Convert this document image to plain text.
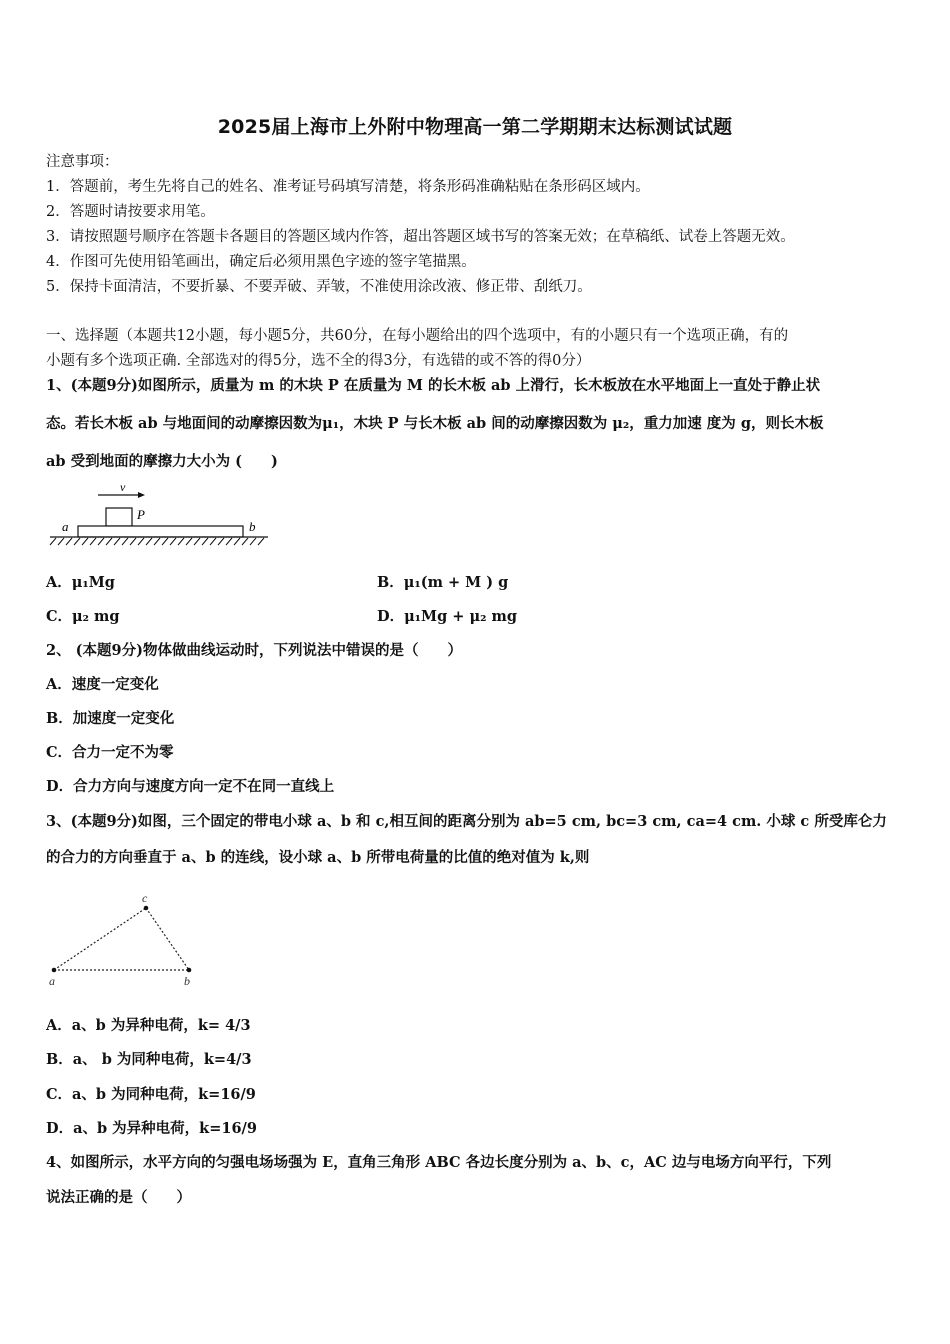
2025届上海市上外附中物理高一第二学期期末达标测试试题
注意事项：
1．答题前，考生先将自己的姓名、准考证号码填写清楚，将条形码准确粘贴在条形码区域内。
2．答题时请按要求用笔。
3．请按照题号顺序在答题卡各题目的答题区域内作答，超出答题区域书写的答案无效；在草稿纸、试卷上答题无效。
4．作图可先使用铅笔画出，确定后必须用黑色字迹的签字笔描黑。
5．保持卡面清洁，不要折暴、不要弄破、弄皱，不准使用涂改液、修正带、刮纸刀。
一、选择题（本题共12小题，每小题5分，共60分，在每小题给出的四个选项中，有的小题只有一个选项正确，有的
小题有多个选项正确. 全部选对的得5分，选不全的得3分，有选错的或不答的得0分）
1、(本题9分)如图所示，质量为 m 的木块 P 在质量为 M 的长木板 ab 上滑行，长木板放在水平地面上一直处于静止状
态。若长木板 ab 与地面间的动摩擦因数为μ₁，木块 P 与长木板 ab 间的动摩擦因数为 μ₂，重力加速 度为 g，则长木板
ab 受到地面的摩擦力大小为 (　　)
v
P
a	b
A．μ₁Mg	B．μ₁(m + M ) g
C．μ₂ mg	D．μ₁Mg + μ₂ mg
2、 (本题9分)物体做曲线运动时，下列说法中错误的是（　　）
A．速度一定变化
B．加速度一定变化
C．合力一定不为零
D．合力方向与速度方向一定不在同一直线上
3、(本题9分)如图，三个固定的带电小球 a、b 和 c,相互间的距离分别为 ab=5 cm, bc=3 cm, ca=4 cm. 小球 c 所受库仑力
的合力的方向垂直于 a、b 的连线，设小球 a、b 所带电荷量的比值的绝对值为 k,则
a
c
b
A．a、b 为异种电荷，k= 4/3
B．a、 b 为同种电荷，k=4/3
C．a、b 为同种电荷，k=16/9
D．a、b 为异种电荷，k=16/9
4、如图所示，水平方向的匀强电场场强为 E，直角三角形 ABC 各边长度分别为 a、b、c，AC 边与电场方向平行，下列
说法正确的是（　　）
